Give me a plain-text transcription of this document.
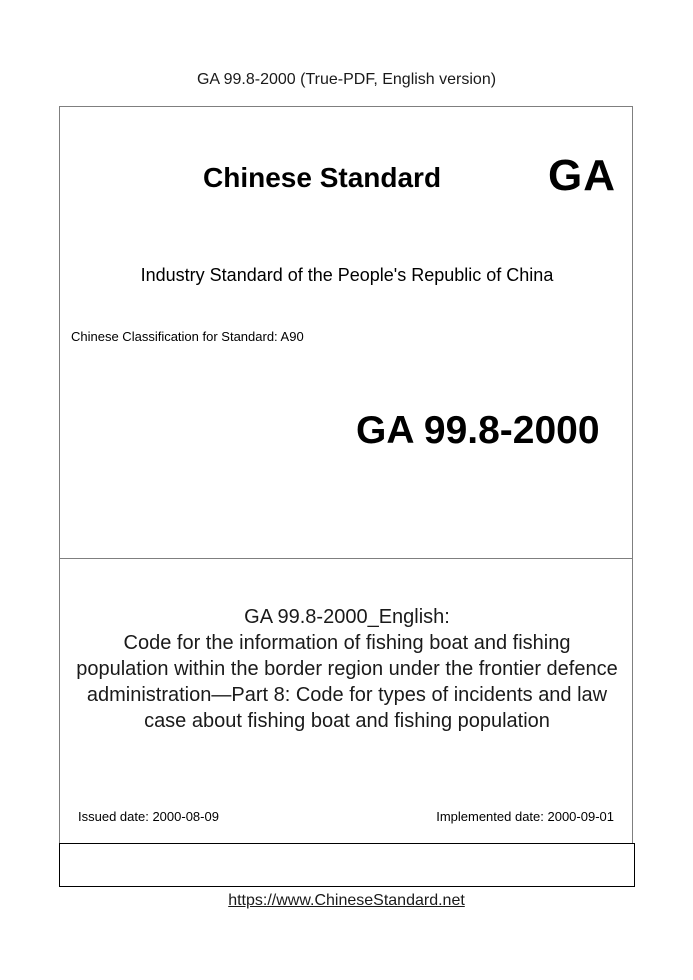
GA 99.8-2000 (True-PDF, English version)
Chinese Standard GA
Industry Standard of the People's Republic of China
Chinese Classification for Standard: A90
GA 99.8-2000
GA 99.8-2000_English:
Code for the information of fishing boat and fishing
population within the border region under the frontier defence
administration—Part 8: Code for types of incidents and law
case about fishing boat and fishing population
Issued date: 2000-08-09	Implemented date: 2000-09-01
https://www.ChineseStandard.net
